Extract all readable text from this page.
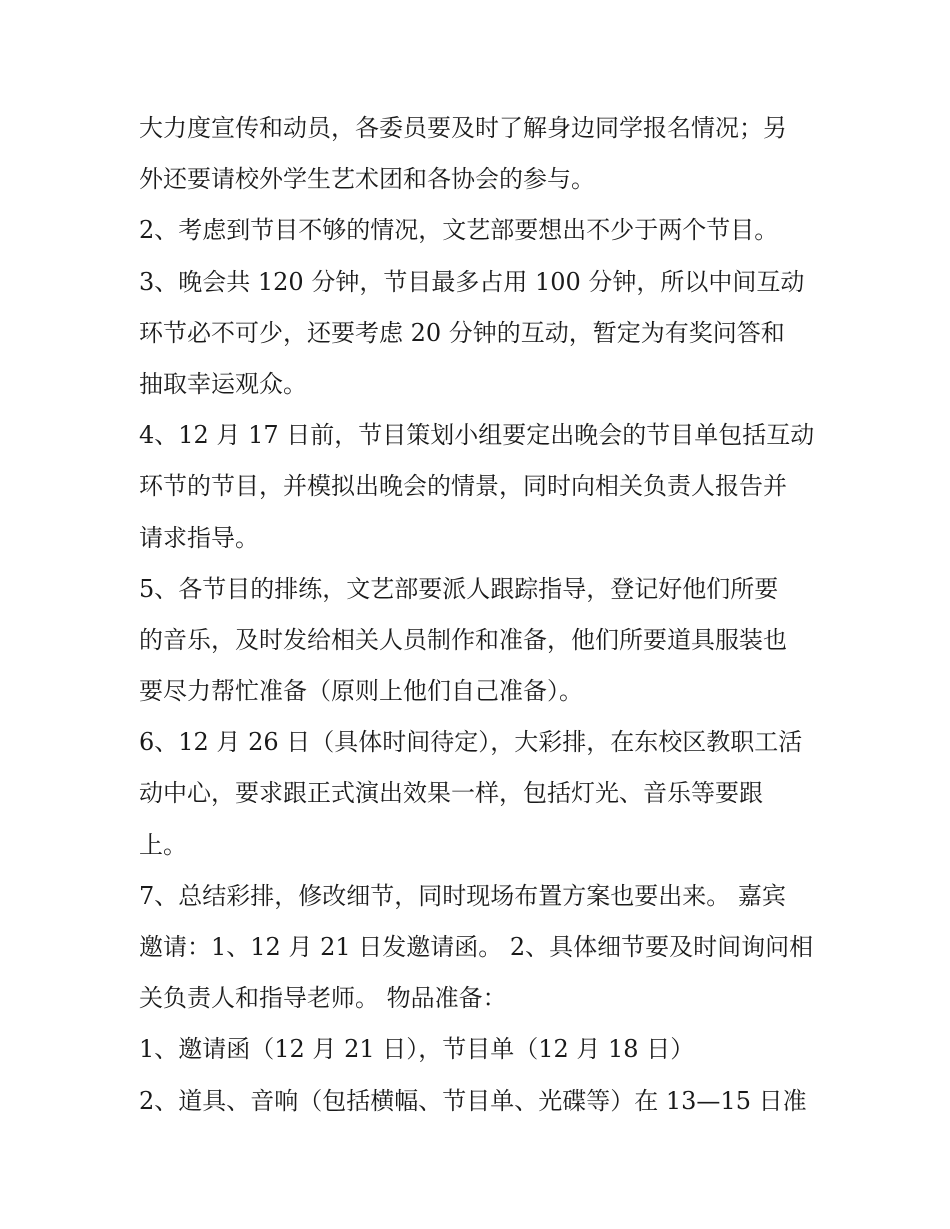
大力度宣传和动员，各委员要及时了解身边同学报名情况；另
外还要请校外学生艺术团和各协会的参与。
2、考虑到节目不够的情况，文艺部要想出不少于两个节目。
3、晚会共 120 分钟，节目最多占用 100 分钟，所以中间互动
环节必不可少，还要考虑 20 分钟的互动，暂定为有奖问答和
抽取幸运观众。
4、12 月 17 日前，节目策划小组要定出晚会的节目单包括互动
环节的节目，并模拟出晚会的情景，同时向相关负责人报告并
请求指导。
5、各节目的排练，文艺部要派人跟踪指导，登记好他们所要
的音乐，及时发给相关人员制作和准备，他们所要道具服装也
要尽力帮忙准备（原则上他们自己准备）。
6、12 月 26 日（具体时间待定），大彩排，在东校区教职工活
动中心，要求跟正式演出效果一样，包括灯光、音乐等要跟
上。
7、总结彩排，修改细节，同时现场布置方案也要出来。 嘉宾
邀请：1、12 月 21 日发邀请函。 2、具体细节要及时间询问相
关负责人和指导老师。 物品准备：
1、邀请函（12 月 21 日），节目单（12 月 18 日）
2、道具、音响（包括横幅、节目单、光碟等）在 13—15 日准
